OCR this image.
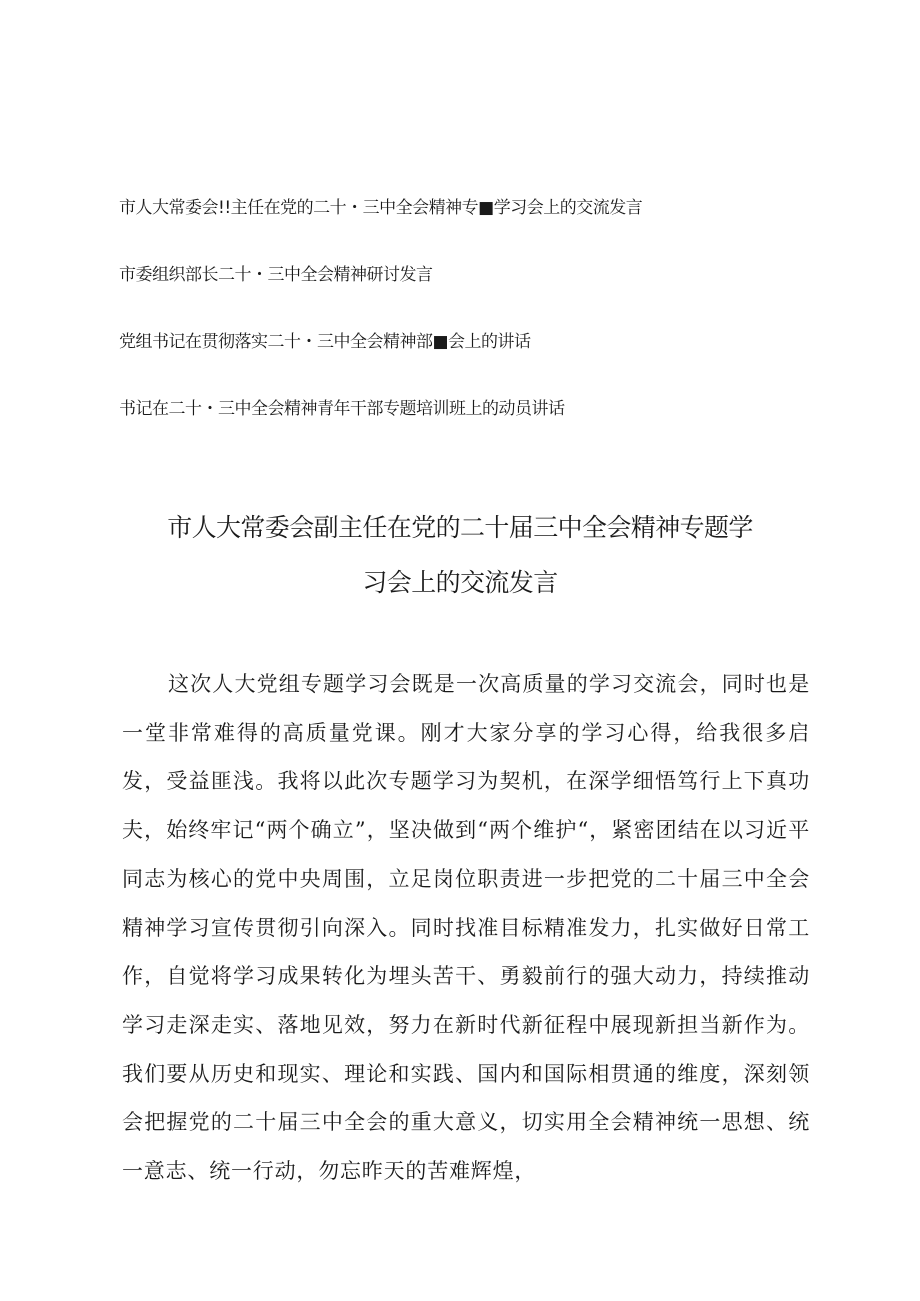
市人大常委会!!主任在党的二十・三中全会精神专■学习会上的交流发言
市委组织部长二十・三中全会精神研讨发言
党组书记在贯彻落实二十・三中全会精神部■会上的讲话
书记在二十・三中全会精神青年干部专题培训班上的动员讲话
市人大常委会副主任在党的二十届三中全会精神专题学
习会上的交流发言

这次人大党组专题学习会既是一次高质量的学习交流会，同时也是一堂非常难得的高质量党课。刚才大家分享的学习心得，给我很多启发，受益匪浅。我将以此次专题学习为契机，在深学细悟笃行上下真功夫，始终牢记“两个确立”，坚决做到“两个维护“，紧密团结在以习近平同志为核心的党中央周围，立足岗位职责进一步把党的二十届三中全会精神学习宣传贯彻引向深入。同时找准目标精准发力，扎实做好日常工作，自觉将学习成果转化为埋头苦干、勇毅前行的强大动力，持续推动学习走深走实、落地见效，努力在新时代新征程中展现新担当新作为。我们要从历史和现实、理论和实践、国内和国际相贯通的维度，深刻领会把握党的二十届三中全会的重大意义，切实用全会精神统一思想、统一意志、统一行动，勿忘昨天的苦难辉煌，
